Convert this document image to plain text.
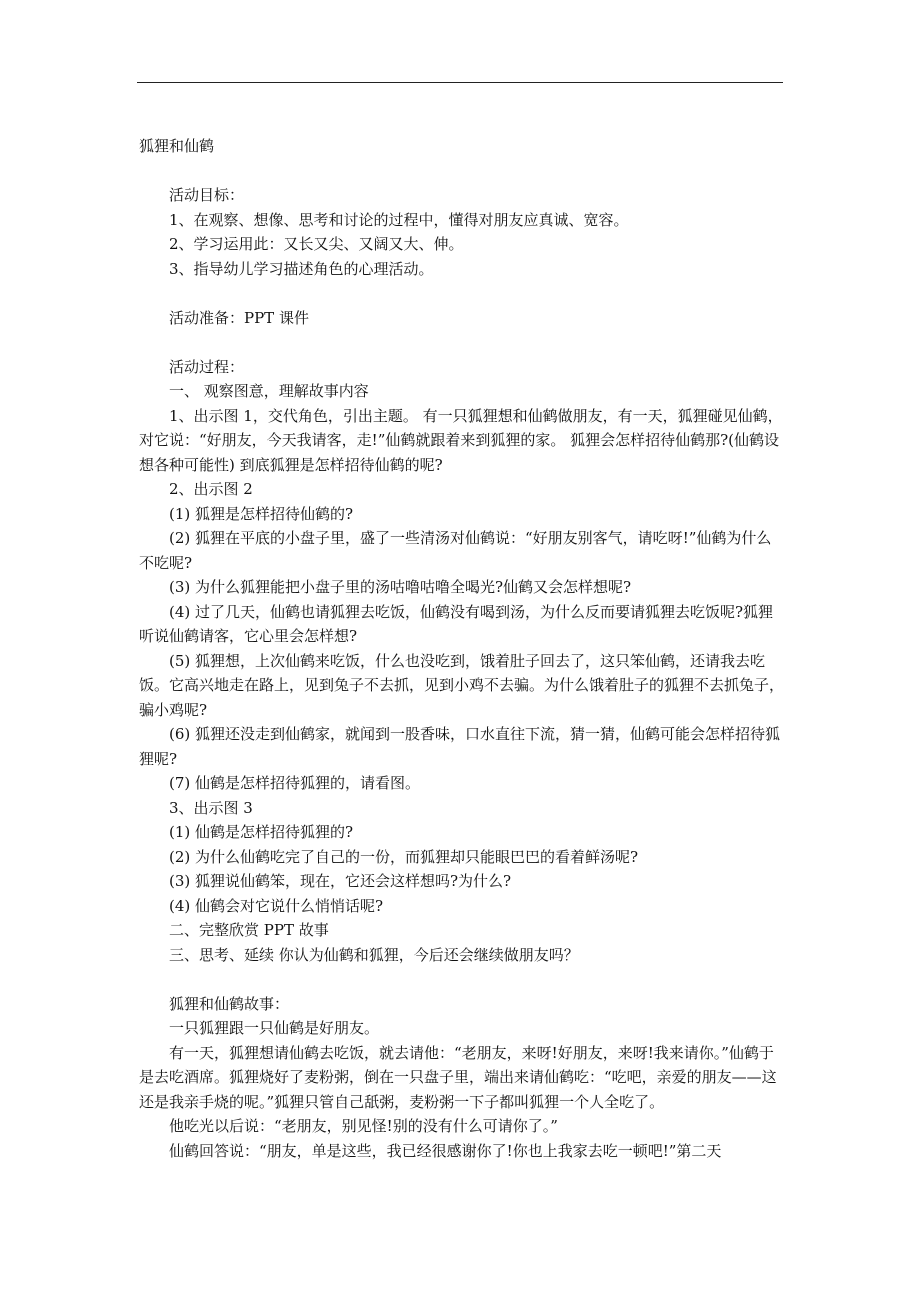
狐狸和仙鹤

活动目标：

1、在观察、想像、思考和讨论的过程中，懂得对朋友应真诚、宽容。

2、学习运用此：又长又尖、又阔又大、伸。

3、指导幼儿学习描述角色的心理活动。

活动准备：PPT 课件

活动过程：

一、 观察图意，理解故事内容

1、出示图 1，交代角色，引出主题。 有一只狐狸想和仙鹤做朋友，有一天，狐狸碰见仙鹤，对它说：“好朋友，今天我请客，走!”仙鹤就跟着来到狐狸的家。 狐狸会怎样招待仙鹤那?(仙鹤设想各种可能性) 到底狐狸是怎样招待仙鹤的呢?

2、出示图 2

(1) 狐狸是怎样招待仙鹤的?

(2) 狐狸在平底的小盘子里，盛了一些清汤对仙鹤说：“好朋友别客气，请吃呀!”仙鹤为什么不吃呢?

(3) 为什么狐狸能把小盘子里的汤咕噜咕噜全喝光?仙鹤又会怎样想呢?

(4) 过了几天，仙鹤也请狐狸去吃饭，仙鹤没有喝到汤，为什么反而要请狐狸去吃饭呢?狐狸听说仙鹤请客，它心里会怎样想?

(5) 狐狸想，上次仙鹤来吃饭，什么也没吃到，饿着肚子回去了，这只笨仙鹤，还请我去吃饭。它高兴地走在路上，见到兔子不去抓，见到小鸡不去骗。为什么饿着肚子的狐狸不去抓兔子，骗小鸡呢?

(6) 狐狸还没走到仙鹤家，就闻到一股香味，口水直往下流，猜一猜，仙鹤可能会怎样招待狐狸呢?

(7) 仙鹤是怎样招待狐狸的，请看图。

3、出示图 3

(1) 仙鹤是怎样招待狐狸的?

(2) 为什么仙鹤吃完了自己的一份，而狐狸却只能眼巴巴的看着鲜汤呢?

(3) 狐狸说仙鹤笨，现在，它还会这样想吗?为什么?

(4) 仙鹤会对它说什么悄悄话呢?

二、完整欣赏 PPT 故事

三、思考、延续 你认为仙鹤和狐狸，今后还会继续做朋友吗？

狐狸和仙鹤故事：

一只狐狸跟一只仙鹤是好朋友。

有一天，狐狸想请仙鹤去吃饭，就去请他：“老朋友，来呀!好朋友，来呀!我来请你。”仙鹤于是去吃酒席。狐狸烧好了麦粉粥，倒在一只盘子里，端出来请仙鹤吃：“吃吧，亲爱的朋友——这还是我亲手烧的呢。”狐狸只管自己舐粥，麦粉粥一下子都叫狐狸一个人全吃了。

他吃光以后说：“老朋友，别见怪!别的没有什么可请你了。”

仙鹤回答说：“朋友，单是这些，我已经很感谢你了!你也上我家去吃一顿吧!”第二天
